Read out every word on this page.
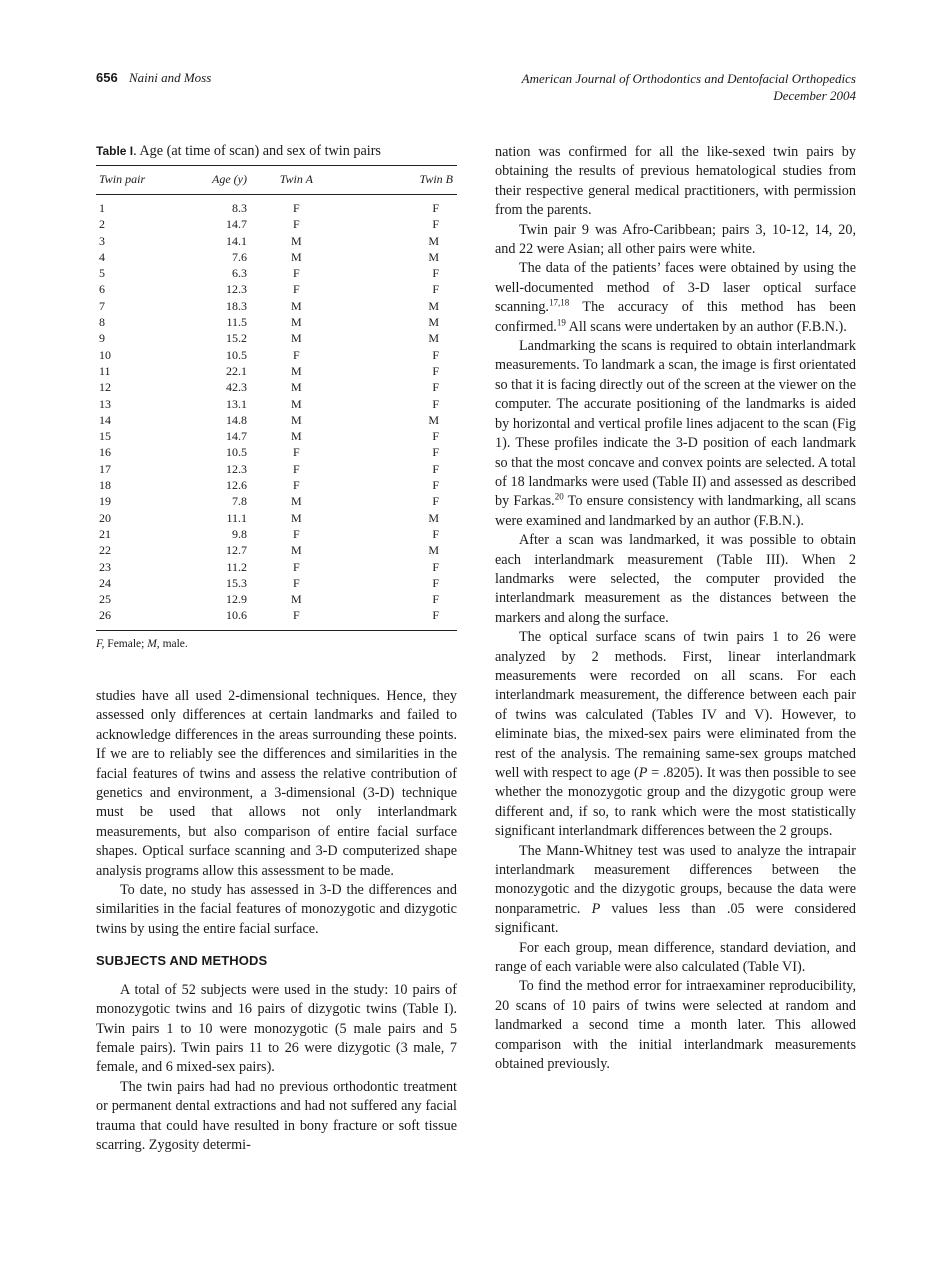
656 Naini and Moss	American Journal of Orthodontics and Dentofacial Orthopedics
December 2004
Table I. Age (at time of scan) and sex of twin pairs
Twin pair	Age (y)	Twin A	Twin B

1	8.3	F	F
2	14.7	F	F
3	14.1	M	M
4	7.6	M	M
5	6.3	F	F
6	12.3	F	F
7	18.3	M	M
8	11.5	M	M
9	15.2	M	M
10	10.5	F	F
11	22.1	M	F
12	42.3	M	F
13	13.1	M	F
14	14.8	M	M
15	14.7	M	F
16	10.5	F	F
17	12.3	F	F
18	12.6	F	F
19	7.8	M	F
20	11.1	M	M
21	9.8	F	F
22	12.7	M	M
23	11.2	F	F
24	15.3	F	F
25	12.9	M	F
26	10.6	F	F
F, Female; M, male.

studies have all used 2-dimensional techniques. Hence, they assessed only differences at certain landmarks and failed to acknowledge differences in the areas surrounding these points. If we are to reliably see the differences and similarities in the facial features of twins and assess the relative contribution of genetics and environment, a 3-dimensional (3-D) technique must be used that allows not only interlandmark measurements, but also comparison of entire facial surface shapes. Optical surface scanning and 3-D computerized shape analysis programs allow this assessment to be made.

To date, no study has assessed in 3-D the differences and similarities in the facial features of monozygotic and dizygotic twins by using the entire facial surface.

SUBJECTS AND METHODS

A total of 52 subjects were used in the study: 10 pairs of monozygotic twins and 16 pairs of dizygotic twins (Table I). Twin pairs 1 to 10 were monozygotic (5 male pairs and 5 female pairs). Twin pairs 11 to 26 were dizygotic (3 male, 7 female, and 6 mixed-sex pairs).

The twin pairs had had no previous orthodontic treatment or permanent dental extractions and had not suffered any facial trauma that could have resulted in bony fracture or soft tissue scarring. Zygosity determi-

nation was confirmed for all the like-sexed twin pairs by obtaining the results of previous hematological studies from their respective general medical practitioners, with permission from the parents.

Twin pair 9 was Afro-Caribbean; pairs 3, 10-12, 14, 20, and 22 were Asian; all other pairs were white.

The data of the patients’ faces were obtained by using the well-documented method of 3-D laser optical surface scanning.$^{17,18}$ The accuracy of this method has been confirmed.$^{19}$ All scans were undertaken by an author (F.B.N.).

Landmarking the scans is required to obtain interlandmark measurements. To landmark a scan, the image is first orientated so that it is facing directly out of the screen at the viewer on the computer. The accurate positioning of the landmarks is aided by horizontal and vertical profile lines adjacent to the scan (Fig 1). These profiles indicate the 3-D position of each landmark so that the most concave and convex points are selected. A total of 18 landmarks were used (Table II) and assessed as described by Farkas.$^{20}$ To ensure consistency with landmarking, all scans were examined and landmarked by an author (F.B.N.).

After a scan was landmarked, it was possible to obtain each interlandmark measurement (Table III). When 2 landmarks were selected, the computer provided the interlandmark measurement as the distances between the markers and along the surface.

The optical surface scans of twin pairs 1 to 26 were analyzed by 2 methods. First, linear interlandmark measurements were recorded on all scans. For each interlandmark measurement, the difference between each pair of twins was calculated (Tables IV and V). However, to eliminate bias, the mixed-sex pairs were eliminated from the rest of the analysis. The remaining same-sex groups matched well with respect to age (P = .8205). It was then possible to see whether the monozygotic group and the dizygotic group were different and, if so, to rank which were the most statistically significant interlandmark differences between the 2 groups.

The Mann-Whitney test was used to analyze the intrapair interlandmark measurement differences between the monozygotic and the dizygotic groups, because the data were nonparametric. P values less than .05 were considered significant.

For each group, mean difference, standard deviation, and range of each variable were also calculated (Table VI).

To find the method error for intraexaminer reproducibility, 20 scans of 10 pairs of twins were selected at random and landmarked a second time a month later. This allowed comparison with the initial interlandmark measurements obtained previously.
